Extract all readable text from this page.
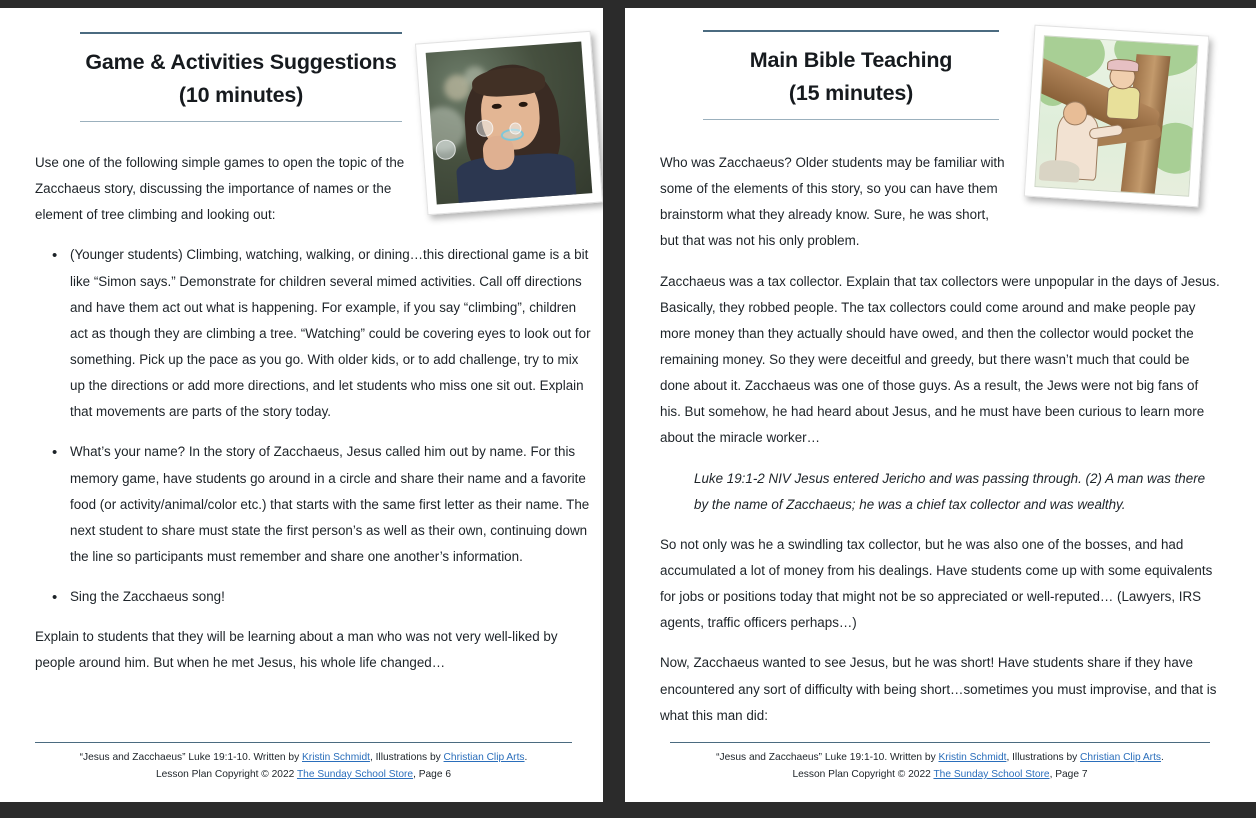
Game & Activities Suggestions
(10 minutes)

Use one of the following simple games to open the topic of the Zacchaeus story, discussing the importance of names or the element of tree climbing and looking out:

• (Younger students) Climbing, watching, walking, or dining…this directional game is a bit like “Simon says.” Demonstrate for children several mimed activities. Call off directions and have them act out what is happening. For example, if you say “climbing”, children act as though they are climbing a tree. “Watching” could be covering eyes to look out for something. Pick up the pace as you go. With older kids, or to add challenge, try to mix up the directions or add more directions, and let students who miss one sit out. Explain that movements are parts of the story today.
• What’s your name? In the story of Zacchaeus, Jesus called him out by name. For this memory game, have students go around in a circle and share their name and a favorite food (or activity/animal/color etc.) that starts with the same first letter as their name. The next student to share must state the first person’s as well as their own, continuing down the line so participants must remember and share one another’s information.
• Sing the Zacchaeus song!

Explain to students that they will be learning about a man who was not very well-liked by people around him. But when he met Jesus, his whole life changed…

“Jesus and Zacchaeus” Luke 19:1-10. Written by Kristin Schmidt, Illustrations by Christian Clip Arts.
Lesson Plan Copyright © 2022 The Sunday School Store, Page 6
Main Bible Teaching
(15 minutes)

Who was Zacchaeus? Older students may be familiar with some of the elements of this story, so you can have them brainstorm what they already know. Sure, he was short, but that was not his only problem.

Zacchaeus was a tax collector. Explain that tax collectors were unpopular in the days of Jesus. Basically, they robbed people. The tax collectors could come around and make people pay more money than they actually should have owed, and then the collector would pocket the remaining money. So they were deceitful and greedy, but there wasn’t much that could be done about it. Zacchaeus was one of those guys. As a result, the Jews were not big fans of his. But somehow, he had heard about Jesus, and he must have been curious to learn more about the miracle worker…

Luke 19:1-2 NIV Jesus entered Jericho and was passing through. (2) A man was there by the name of Zacchaeus; he was a chief tax collector and was wealthy.

So not only was he a swindling tax collector, but he was also one of the bosses, and had accumulated a lot of money from his dealings. Have students come up with some equivalents for jobs or positions today that might not be so appreciated or well-reputed… (Lawyers, IRS agents, traffic officers perhaps…)

Now, Zacchaeus wanted to see Jesus, but he was short! Have students share if they have encountered any sort of difficulty with being short…sometimes you must improvise, and that is what this man did:

“Jesus and Zacchaeus” Luke 19:1-10. Written by Kristin Schmidt, Illustrations by Christian Clip Arts.
Lesson Plan Copyright © 2022 The Sunday School Store, Page 7
